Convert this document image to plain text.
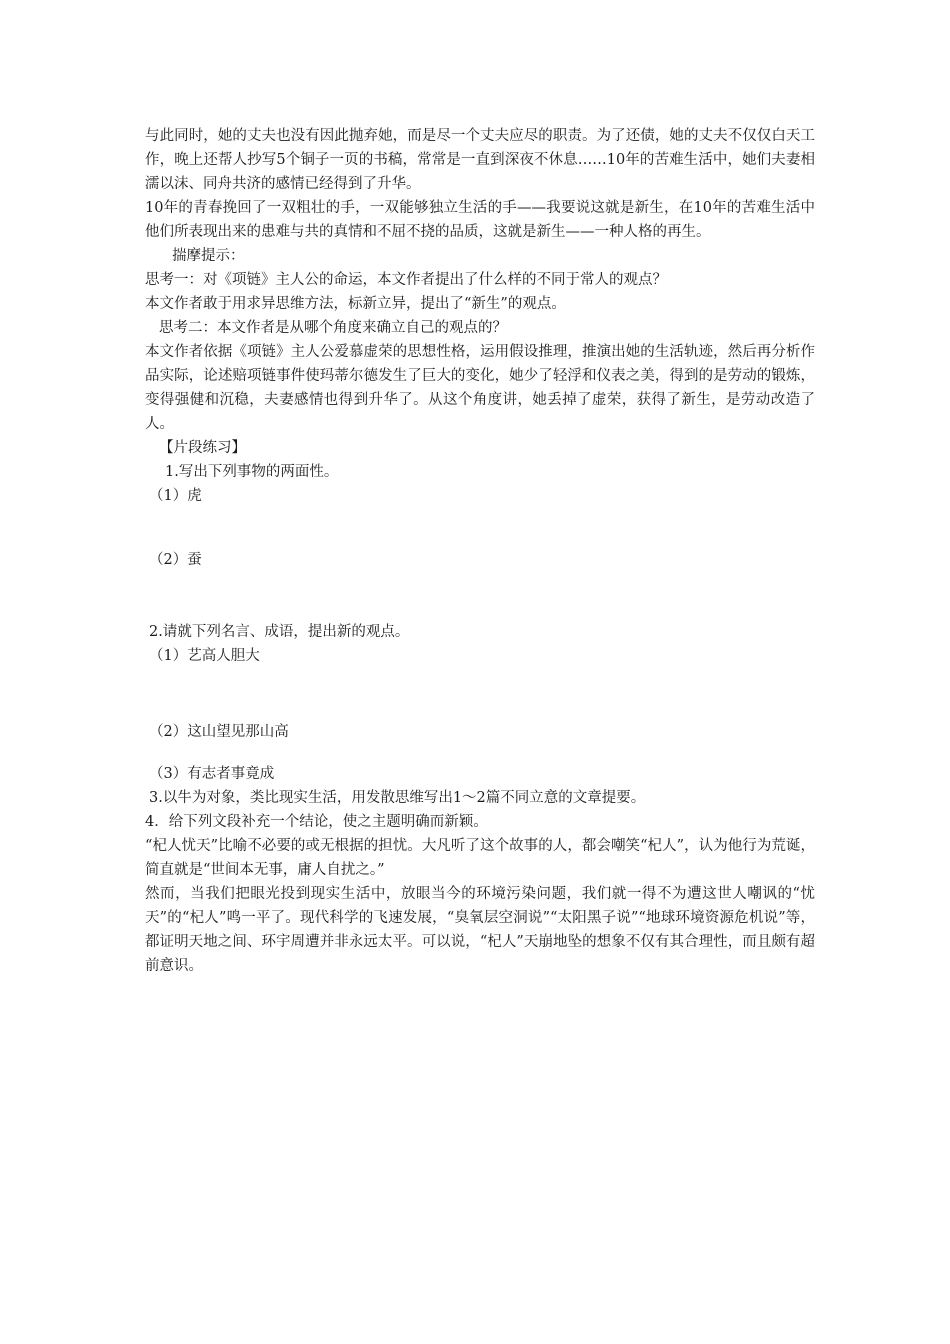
与此同时，她的丈夫也没有因此抛弃她，而是尽一个丈夫应尽的职责。为了还债，她的丈夫不仅仅白天工作，晚上还帮人抄写5个铜子一页的书稿，常常是一直到深夜不休息……10年的苦难生活中，她们夫妻相濡以沫、同舟共济的感情已经得到了升华。

10年的青春挽回了一双粗壮的手，一双能够独立生活的手——我要说这就是新生，在10年的苦难生活中他们所表现出来的患难与共的真情和不屈不挠的品质，这就是新生——一种人格的再生。

揣摩提示：

思考一：对《项链》主人公的命运，本文作者提出了什么样的不同于常人的观点？

本文作者敢于用求异思维方法，标新立异，提出了“新生”的观点。

思考二：本文作者是从哪个角度来确立自己的观点的？

本文作者依据《项链》主人公爱慕虚荣的思想性格，运用假设推理，推演出她的生活轨迹，然后再分析作品实际，论述赔项链事件使玛蒂尔德发生了巨大的变化，她少了轻浮和仪表之美，得到的是劳动的锻炼，变得强健和沉稳，夫妻感情也得到升华了。从这个角度讲，她丢掉了虚荣，获得了新生，是劳动改造了人。

【片段练习】

1.写出下列事物的两面性。

（1）虎

（2）蚕

2.请就下列名言、成语，提出新的观点。

（1）艺高人胆大

（2）这山望见那山高

（3）有志者事竟成

3.以牛为对象，类比现实生活，用发散思维写出1～2篇不同立意的文章提要。

4．给下列文段补充一个结论，使之主题明确而新颖。

“杞人忧天”比喻不必要的或无根据的担忧。大凡听了这个故事的人，都会嘲笑“杞人”，认为他行为荒诞，简直就是“世间本无事，庸人自扰之。”

然而，当我们把眼光投到现实生活中，放眼当今的环境污染问题，我们就一得不为遭这世人嘲讽的“忧天”的“杞人”鸣一平了。现代科学的飞速发展，“臭氧层空洞说”“太阳黑子说”“地球环境资源危机说”等，都证明天地之间、环宇周遭并非永远太平。可以说，“杞人”天崩地坠的想象不仅有其合理性，而且颇有超前意识。
